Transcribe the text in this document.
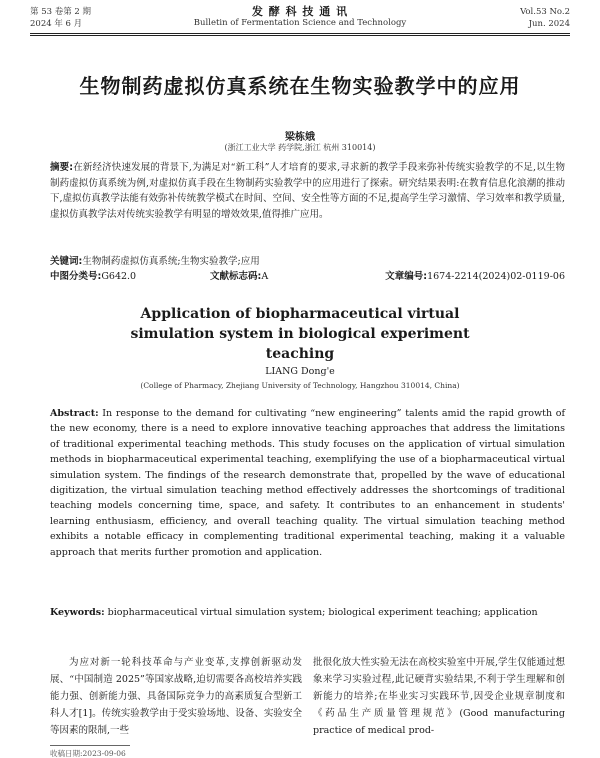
第 53 卷第 2 期
2024 年 6 月
发 酵 科 技 通 讯
Bulletin of Fermentation Science and Technology
Vol.53 No.2
Jun. 2024
生物制药虚拟仿真系统在生物实验教学中的应用
梁栋娥
(浙江工业大学 药学院,浙江 杭州 310014)
摘要:在新经济快速发展的背景下,为满足对“新工科”人才培育的要求,寻求新的教学手段来弥补传统实验教学的不足,以生物制药虚拟仿真系统为例,对虚拟仿真手段在生物制药实验教学中的应用进行了探索。研究结果表明:在教育信息化浪潮的推动下,虚拟仿真教学法能有效弥补传统教学模式在时间、空间、安全性等方面的不足,提高学生学习激情、学习效率和教学质量,虚拟仿真教学法对传统实验教学有明显的增效效果,值得推广应用。
关键词:生物制药虚拟仿真系统;生物实验教学;应用
中图分类号:G642.0	文献标志码:A	文章编号:1674-2214(2024)02-0119-06
Application of biopharmaceutical virtual simulation system in biological experiment teaching
LIANG Dong'e
(College of Pharmacy, Zhejiang University of Technology, Hangzhou 310014, China)
Abstract: In response to the demand for cultivating “new engineering” talents amid the rapid growth of the new economy, there is a need to explore innovative teaching approaches that address the limitations of traditional experimental teaching methods. This study focuses on the application of virtual simulation methods in biopharmaceutical experimental teaching, exemplifying the use of a biopharmaceutical virtual simulation system. The findings of the research demonstrate that, propelled by the wave of educational digitization, the virtual simulation teaching method effectively addresses the shortcomings of traditional teaching models concerning time, space, and safety. It contributes to an enhancement in students' learning enthusiasm, efficiency, and overall teaching quality. The virtual simulation teaching method exhibits a notable efficacy in complementing traditional experimental teaching, making it a valuable approach that merits further promotion and application.
Keywords: biopharmaceutical virtual simulation system; biological experiment teaching; application
为应对新一轮科技革命与产业变革,支撑创新驱动发展、“中国制造 2025”等国家战略,迫切需要各高校培养实践能力强、创新能力强、具备国际竞争力的高素质复合型新工科人才[1]。传统实验教学由于受实验场地、设备、实验安全等因素的限制,一些
批很化放大性实验无法在高校实验室中开展,学生仅能通过想象来学习实验过程,此记硬背实验结果,不利于学生理解和创新能力的培养;在毕业实习实践环节,因受企业规章制度和《药品生产质量管理规范》(Good manufacturing practice of medical prod-
收稿日期:2023-09-06
